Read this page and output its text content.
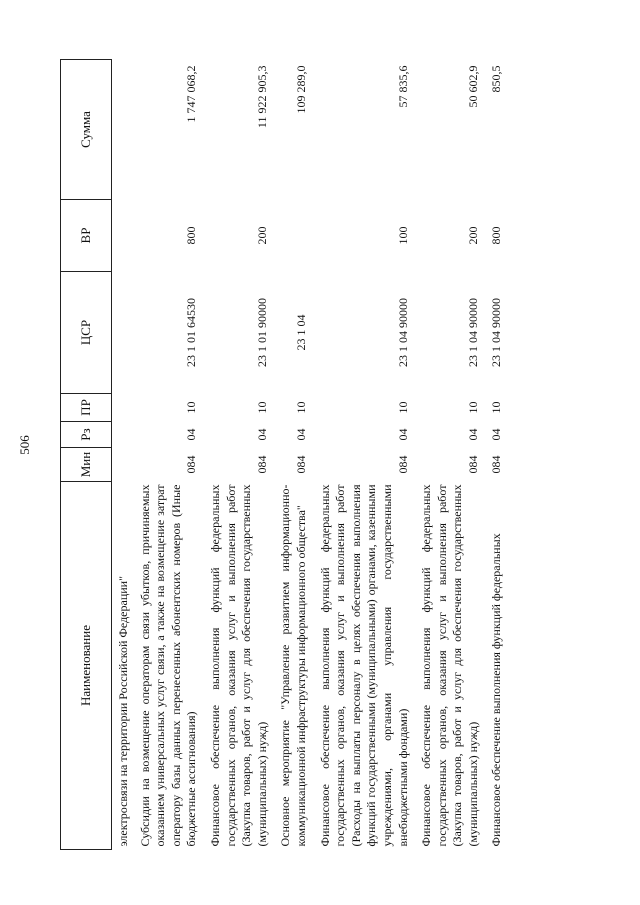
506
Наименование	Мин	Рз	ПР	ЦСР	ВР	Сумма
электросвязи на территории Российской Федерации"						
Субсидии на возмещение операторам связи убытков, причиняемых оказанием универсальных услуг связи, а также на возмещение затрат оператору базы данных перенесенных абонентских номеров (Иные бюджетные ассигнования)	084	04	10	23 1 01 64530	800	1 747 068,2
Финансовое обеспечение выполнения функций федеральных государственных органов, оказания услуг и выполнения работ (Закупка товаров, работ и услуг для обеспечения государственных (муниципальных) нужд)	084	04	10	23 1 01 90000	200	11 922 905,3
Основное мероприятие "Управление развитием информационно-коммуникационной инфраструктуры информационного общества"	084	04	10	23 1 04		109 289,0
Финансовое обеспечение выполнения функций федеральных государственных органов, оказания услуг и выполнения работ (Расходы на выплаты персоналу в целях обеспечения выполнения функций государственными (муниципальными) органами, казенными учреждениями, органами управления государственными внебюджетными фондами)	084	04	10	23 1 04 90000	100	57 835,6
Финансовое обеспечение выполнения функций федеральных государственных органов, оказания услуг и выполнения работ (Закупка товаров, работ и услуг для обеспечения государственных (муниципальных) нужд)	084	04	10	23 1 04 90000	200	50 602,9
Финансовое обеспечение выполнения функций федеральных	084	04	10	23 1 04 90000	800	850,5
